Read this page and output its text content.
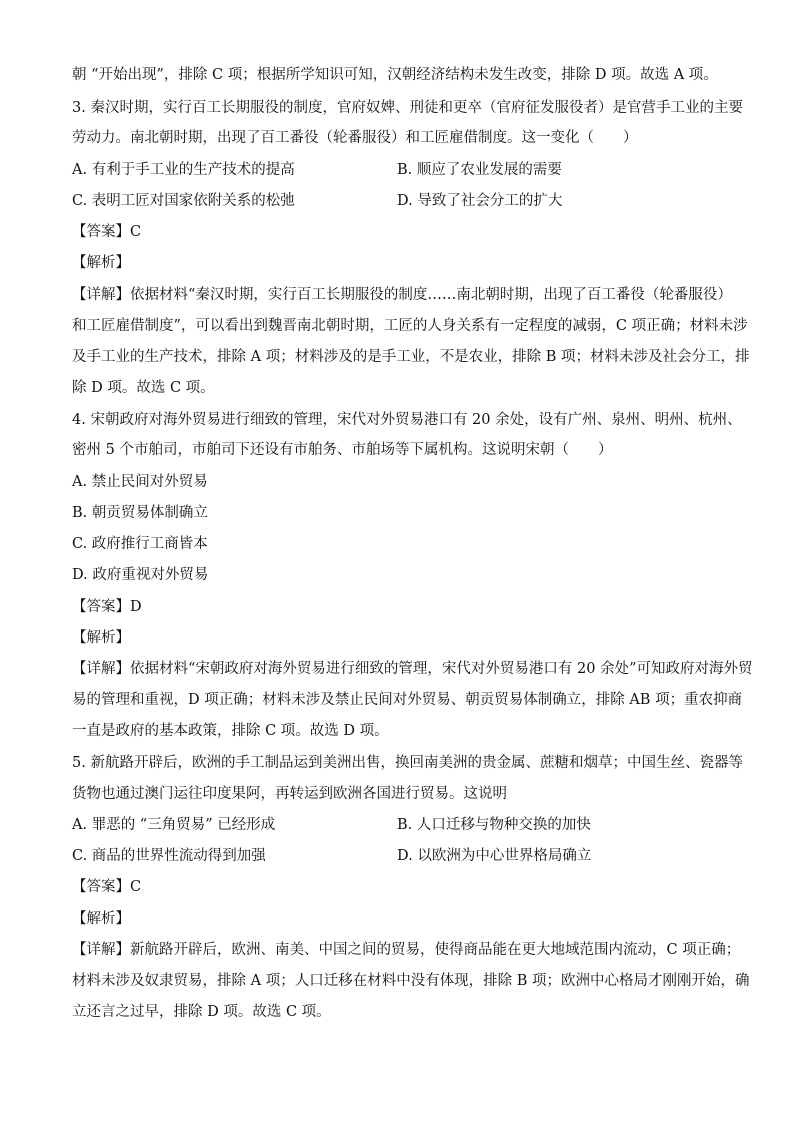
朝 “开始出现”，排除 C 项；根据所学知识可知，汉朝经济结构未发生改变，排除 D 项。故选 A 项。
3. 秦汉时期，实行百工长期服役的制度，官府奴婢、刑徒和更卒（官府征发服役者）是官营手工业的主要
劳动力。南北朝时期，出现了百工番役（轮番服役）和工匠雇借制度。这一变化（　　）
A. 有利于手工业的生产技术的提高	B. 顺应了农业发展的需要
C. 表明工匠对国家依附关系的松弛	D. 导致了社会分工的扩大
【答案】C
【解析】
【详解】依据材料“秦汉时期，实行百工长期服役的制度……南北朝时期，出现了百工番役（轮番服役）
和工匠雇借制度”，可以看出到魏晋南北朝时期，工匠的人身关系有一定程度的减弱，C 项正确；材料未涉
及手工业的生产技术，排除 A 项；材料涉及的是手工业，不是农业，排除 B 项；材料未涉及社会分工，排
除 D 项。故选 C 项。
4. 宋朝政府对海外贸易进行细致的管理，宋代对外贸易港口有 20 余处，设有广州、泉州、明州、杭州、
密州 5 个市舶司，市舶司下还设有市舶务、市舶场等下属机构。这说明宋朝（　　）
A. 禁止民间对外贸易
B. 朝贡贸易体制确立
C. 政府推行工商皆本
D. 政府重视对外贸易
【答案】D
【解析】
【详解】依据材料“宋朝政府对海外贸易进行细致的管理，宋代对外贸易港口有 20 余处”可知政府对海外贸
易的管理和重视，D 项正确；材料未涉及禁止民间对外贸易、朝贡贸易体制确立，排除 AB 项；重农抑商
一直是政府的基本政策，排除 C 项。故选 D 项。
5. 新航路开辟后，欧洲的手工制品运到美洲出售，换回南美洲的贵金属、蔗糖和烟草；中国生丝、瓷器等
货物也通过澳门运往印度果阿，再转运到欧洲各国进行贸易。这说明
A. 罪恶的 “三角贸易” 已经形成	B. 人口迁移与物种交换的加快
C. 商品的世界性流动得到加强	D. 以欧洲为中心世界格局确立
【答案】C
【解析】
【详解】新航路开辟后，欧洲、南美、中国之间的贸易，使得商品能在更大地域范围内流动，C 项正确；
材料未涉及奴隶贸易，排除 A 项；人口迁移在材料中没有体现，排除 B 项；欧洲中心格局才刚刚开始，确
立还言之过早，排除 D 项。故选 C 项。
